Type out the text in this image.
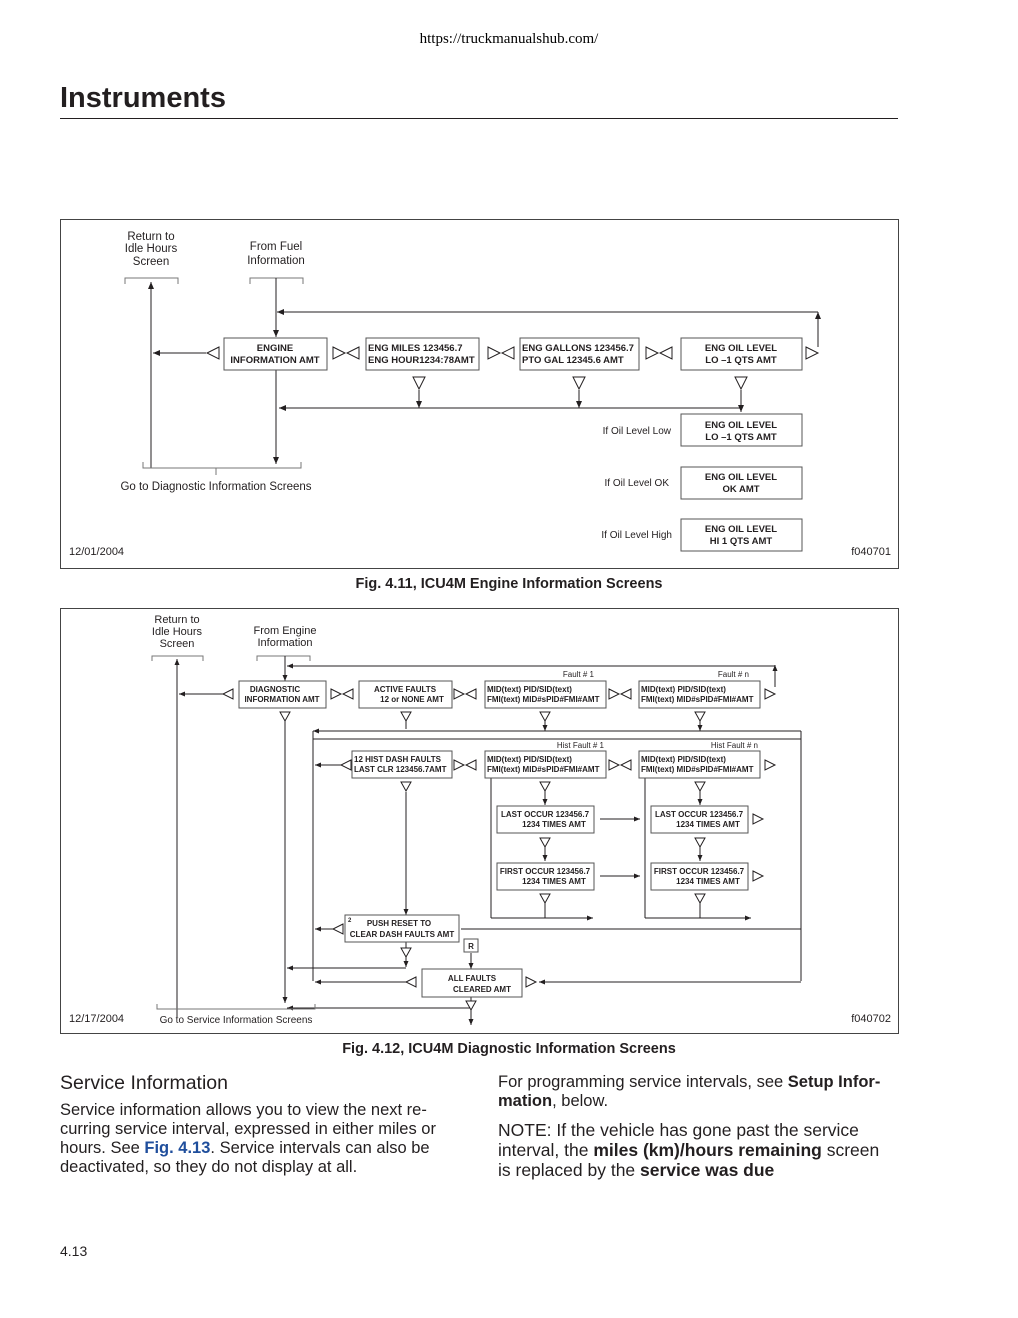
https://truckmanualshub.com/
Instruments
Return to
Idle Hours
Screen
From Fuel
Information
ENGINE
INFORMATION AMT
ENG MILES 123456.7
ENG HOUR1234:78AMT
ENG GALLONS 123456.7
PTO GAL 12345.6 AMT
ENG OIL LEVEL
LO –1 QTS AMT
ENG OIL LEVEL
LO –1 QTS AMT
ENG OIL LEVEL
OK AMT
ENG OIL LEVEL
HI 1 QTS AMT
If Oil Level Low
If Oil Level OK
If Oil Level High
Go to Diagnostic Information Screens
12/01/2004	f040701
Fig. 4.11, ICU4M Engine Information Screens
Return to
Idle Hours
Screen
From Engine
Information
Fault # 1	Fault # n
Hist Fault # 1	Hist Fault # n
DIAGNOSTIC
INFORMATION AMT
ACTIVE FAULTS
12 or NONE AMT
MID(text) PID/SID(text)
FMI(text) MID#sPID#FMI#AMT
MID(text) PID/SID(text)
FMI(text) MID#sPID#FMI#AMT
12 HIST DASH FAULTS
LAST CLR 123456.7AMT
MID(text) PID/SID(text)
FMI(text) MID#sPID#FMI#AMT
MID(text) PID/SID(text)
FMI(text) MID#sPID#FMI#AMT
LAST OCCUR 123456.7
1234 TIMES AMT
LAST OCCUR 123456.7
1234 TIMES AMT
FIRST OCCUR 123456.7
1234 TIMES AMT
FIRST OCCUR 123456.7
1234 TIMES AMT
2 PUSH RESET TO
CLEAR DASH FAULTS AMT
R
ALL FAULTS
CLEARED AMT
Go to Service Information Screens
12/17/2004	f040702
Fig. 4.12, ICU4M Diagnostic Information Screens
Service Information
Service information allows you to view the next re-curring service interval, expressed in either miles or hours. See Fig. 4.13. Service intervals can also be deactivated, so they do not display at all.
For programming service intervals, see Setup Infor-mation, below.
NOTE: If the vehicle has gone past the service interval, the miles (km)/hours remaining screen is replaced by the service was due
4.13
